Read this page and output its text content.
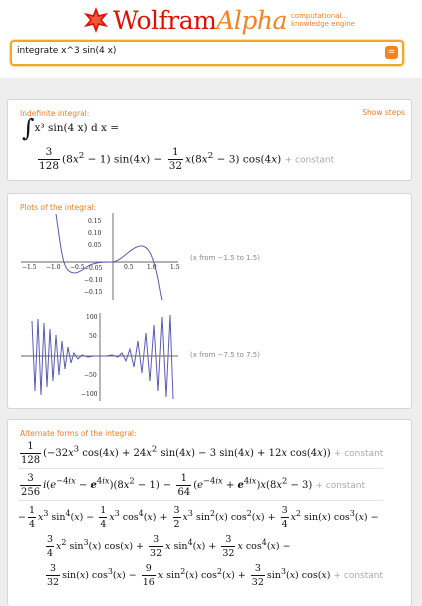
Wolfram Alpha computational...
knowledge engine
integrate x^3 sin(4 x)	=
Indefinite integral:	Show steps
∫x³ sin(4 x) d x =
$\frac{3}{128} (8x^2 - 1) \sin(4x) - \frac{1}{32} x(8x^2 - 3) \cos(4x)$ + constant
Plots of the integral:
0.15
0.10
0.05
−0.05
−0.10
−0.15
−1.5 −1.0 −0.5	0.5 1.0 1.5
(x from −1.5 to 1.5)
100
50
−50
−100
(x from −7.5 to 7.5)
Alternate forms of the integral:
$\frac{1}{128} (-32x^3$ $\cos(4x) + 24x^2$ sin(4x) − 3 sin(4x) + 12x cos(4x)) + constant
$\frac{3}{256} i(e^{-4ix} - e^{4ix})(8x^2 - 1) - \frac{1}{64} (e^{-4ix} + e^{4ix})x(8x^2 - 3)$ + constant
− $\frac{1}{4} x^3$ $\sin^4(x) - \frac{1}{4} x^3$ $\cos^4(x) + \frac{3}{2} x^3$ $\sin^2(x) \cos^2(x) + \frac{3}{4} x^2$ sin(x) $\cos^3(x)$ −
$\frac{3}{4} x^2$ $\sin^3(x) \cos(x) + \frac{3}{32}$ x $\sin^4(x) + \frac{3}{32}$ x $\cos^4(x)$ −
$\frac{3}{32} \sin(x) \cos^3(x) - \frac{9}{16}$ x $\sin^2(x) \cos^2(x) + \frac{3}{32} \sin^3(x) \cos(x)$ + constant
